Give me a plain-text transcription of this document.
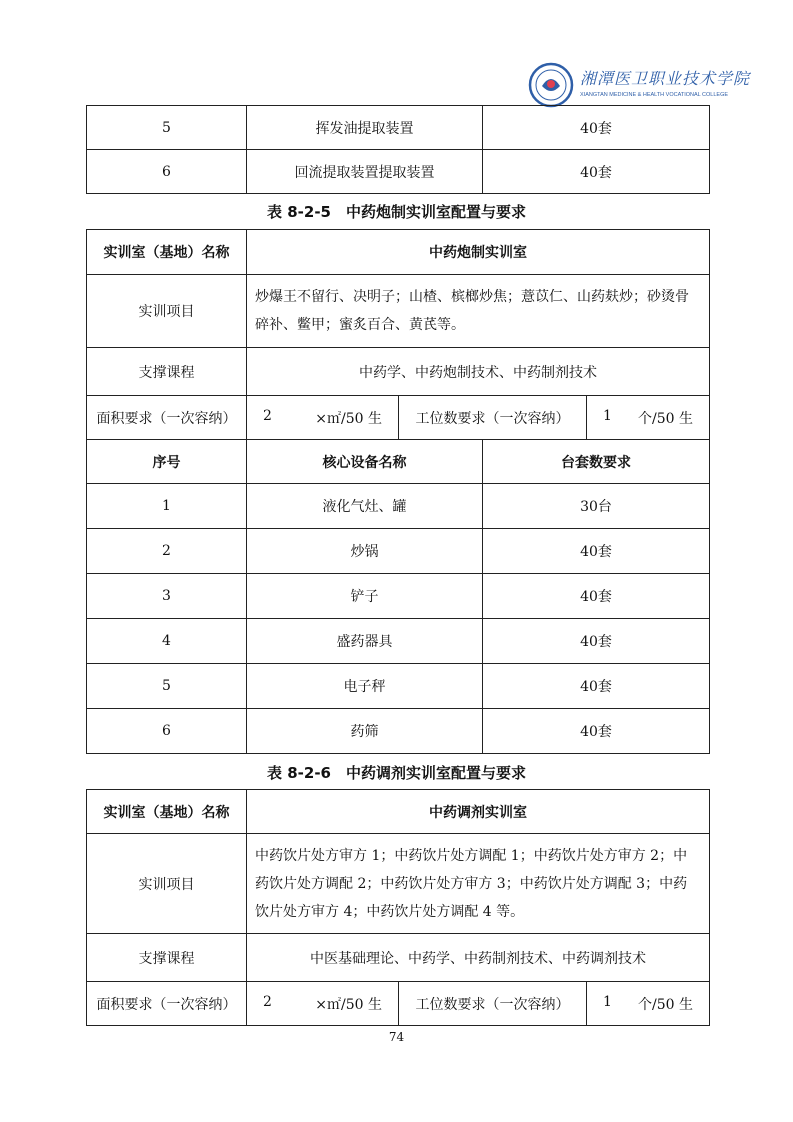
湘潭医卫职业技术学院
XIANGTAN MEDICINE & HEALTH VOCATIONAL COLLEGE
5	挥发油提取装置	40套
6	回流提取装置提取装置	40套
表 8-2-5　中药炮制实训室配置与要求
实训室（基地）名称	中药炮制实训室			
实训项目	炒爆王不留行、决明子；山楂、槟榔炒焦；薏苡仁、山药麸炒；砂烫骨碎补、鳖甲；蜜炙百合、黄芪等。			
支撑课程	中药学、中药炮制技术、中药制剂技术			
面积要求（一次容纳）	2 ×㎡/50 生	工位数要求（一次容纳）		1 个/50 生

序号	核心设备名称		台套数要求	
1	液化气灶、罐		30台	
2	炒锅		40套	
3	铲子		40套	
4	盛药器具		40套	
5	电子秤		40套	
6	药筛		40套	
表 8-2-6　中药调剂实训室配置与要求
实训室（基地）名称	中药调剂实训室		
实训项目	中药饮片处方审方 1；中药饮片处方调配 1；中药饮片处方审方 2；中药饮片处方调配 2；中药饮片处方审方 3；中药饮片处方调配 3；中药饮片处方审方 4；中药饮片处方调配 4 等。		
支撑课程	中医基础理论、中药学、中药制剂技术、中药调剂技术		
面积要求（一次容纳）	2 ×㎡/50 生	工位数要求（一次容纳）	1 个/50 生
74
